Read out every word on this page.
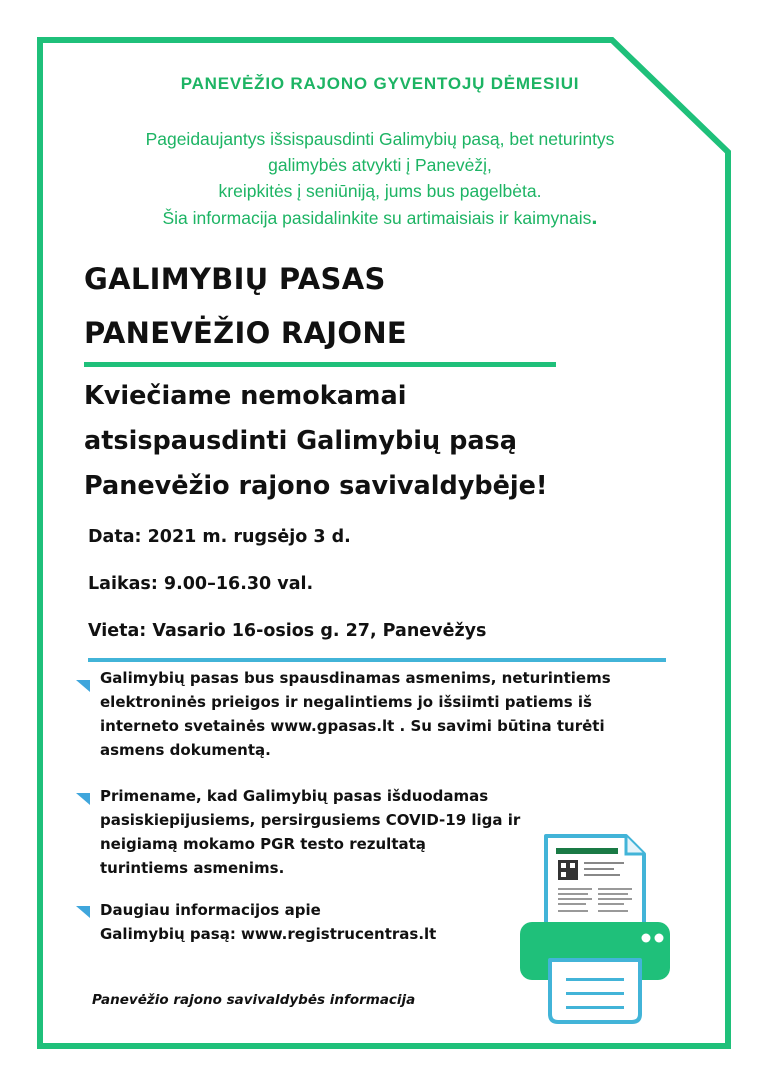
PANEVĖŽIO RAJONO GYVENTOJŲ DĖMESIUI
Pageidaujantys išsispausdinti Galimybių pasą, bet neturintys
galimybės atvykti į Panevėžį,
kreipkitės į seniūniją, jums bus pagelbėta.
Šia informacija pasidalinkite su artimaisiais ir kaimynais.
GALIMYBIŲ PASAS
PANEVĖŽIO RAJONE
Kviečiame nemokamai
atsispausdinti Galimybių pasą
Panevėžio rajono savivaldybėje!
Data: 2021 m. rugsėjo 3 d.
Laikas: 9.00–16.30 val.
Vieta: Vasario 16-osios g. 27, Panevėžys
Galimybių pasas bus spausdinamas asmenims, neturintiems
elektroninės prieigos ir negalintiems jo išsiimti patiems iš
interneto svetainės www.gpasas.lt . Su savimi būtina turėti
asmens dokumentą.
Primename, kad Galimybių pasas išduodamas
pasiskiepijusiems, persirgusiems COVID-19 liga ir
neigiamą mokamo PGR testo rezultatą
turintiems asmenims.
Daugiau informacijos apie
Galimybių pasą: www.registrucentras.lt
Panevėžio rajono savivaldybės informacija
